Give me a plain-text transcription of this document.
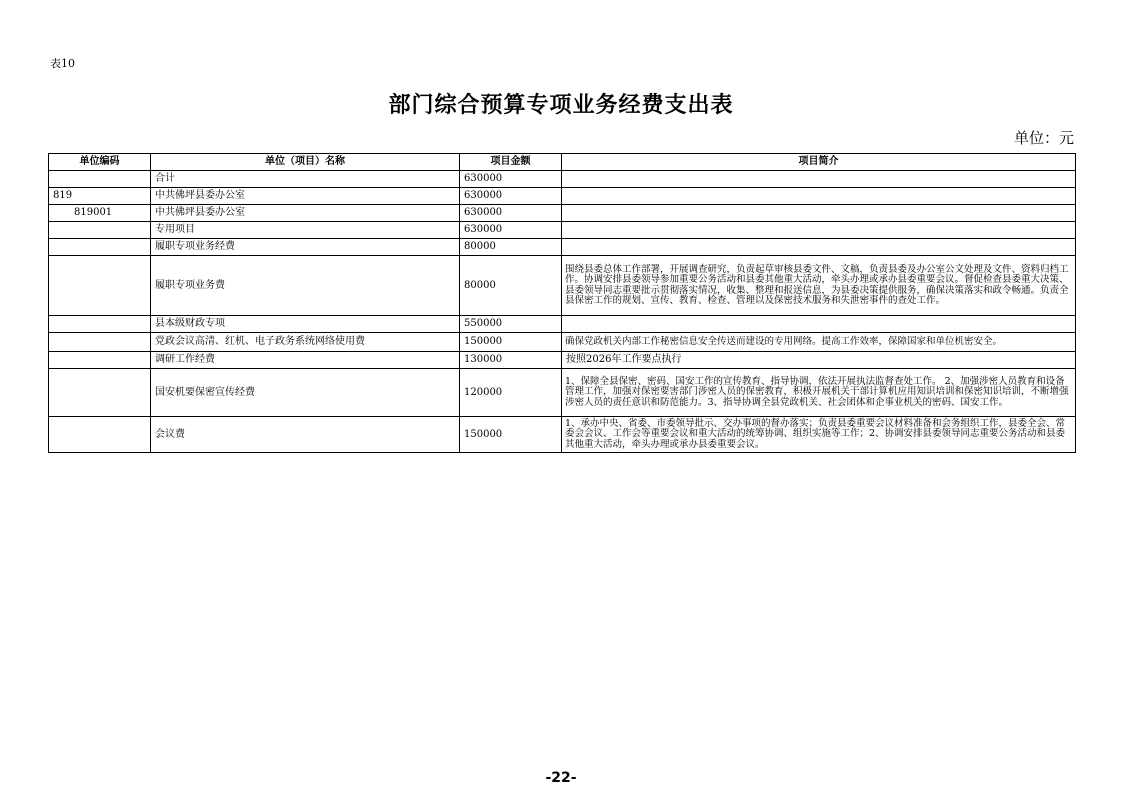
表10
部门综合预算专项业务经费支出表
单位：元
单位编码	单位（项目）名称	项目金额	项目简介
	合计	630000	
819	中共佛坪县委办公室	630000	
819001	中共佛坪县委办公室	630000	
	专用项目	630000	
	履职专项业务经费	80000	
	履职专项业务费	80000	围绕县委总体工作部署，开展调查研究，负责起草审核县委文件、文稿，负责县委及办公室公文处理及文件、资料归档工作。协调安排县委领导参加重要公务活动和县委其他重大活动，牵头办理或承办县委重要会议。督促检查县委重大决策、县委领导同志重要批示贯彻落实情况，收集、整理和报送信息，为县委决策提供服务，确保决策落实和政令畅通。负责全县保密工作的规划、宣传、教育、检查、管理以及保密技术服务和失泄密事件的查处工作。
	县本级财政专项	550000	
	党政会议高清、红机、电子政务系统网络使用费	150000	确保党政机关内部工作秘密信息安全传送而建设的专用网络。提高工作效率，保障国家和单位机密安全。
	调研工作经费	130000	按照2026年工作要点执行
	国安机要保密宣传经费	120000	1、保障全县保密、密码、国安工作的宣传教育、指导协调，依法开展执法监督查处工作。 2、加强涉密人员教育和设备管理工作，加强对保密要害部门涉密人员的保密教育，积极开展机关干部计算机应用知识培训和保密知识培训，不断增强涉密人员的责任意识和防范能力。3、指导协调全县党政机关、社会团体和企事业机关的密码、国安工作。
	会议费	150000	1、承办中央、省委、市委领导批示、交办事项的督办落实；负责县委重要会议材料准备和会务组织工作，县委全会、常委会会议、工作会等重要会议和重大活动的统筹协调、组织实施等工作；2、协调安排县委领导同志重要公务活动和县委其他重大活动，牵头办理或承办县委重要会议。
-22-
